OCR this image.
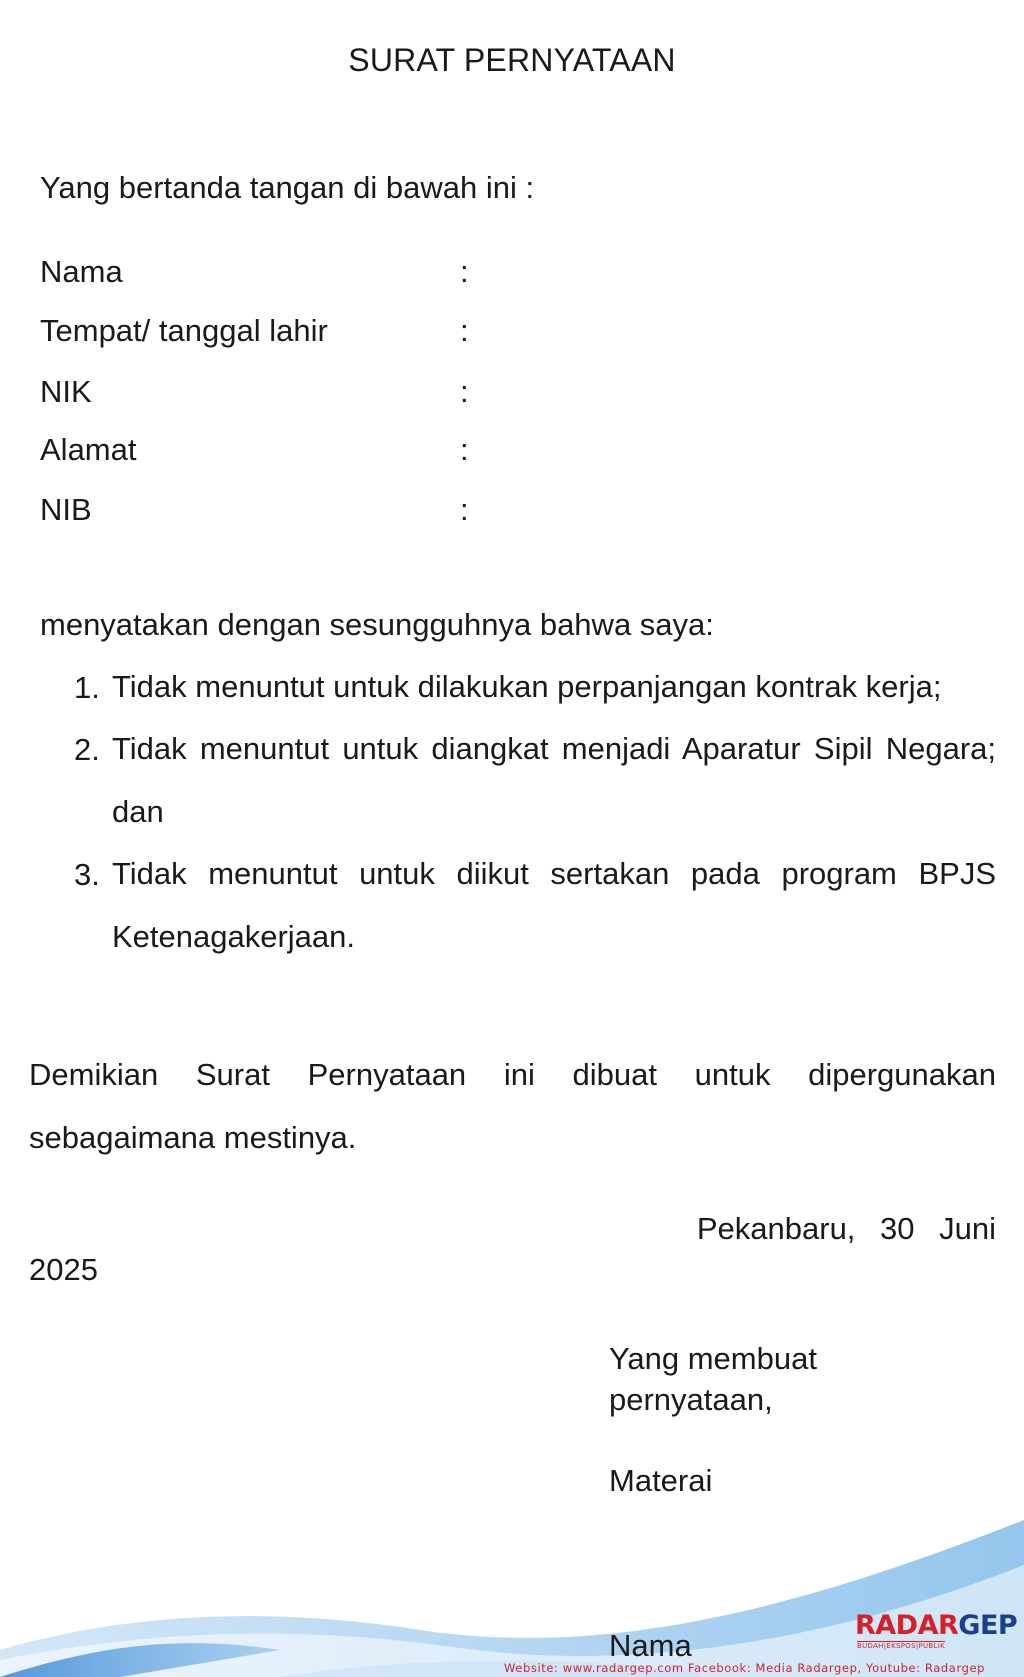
SURAT PERNYATAAN
Yang bertanda tangan di bawah ini :
Nama	:
Tempat/ tanggal lahir	:
NIK	:
Alamat	:
NIB	:
menyatakan dengan sesungguhnya bahwa saya:
1. Tidak menuntut untuk dilakukan perpanjangan kontrak kerja;
2. Tidak menuntut untuk diangkat menjadi Aparatur Sipil Negara; dan
3. Tidak menuntut untuk diikut sertakan pada program BPJS Ketenagakerjaan.
Demikian Surat Pernyataan ini dibuat untuk dipergunakan sebagaimana mestinya.
Pekanbaru, 30 Juni
2025
Yang membuat
pernyataan,
Materai
Nama
RADARGEP
BUDAH|EKSPOS|PUBLIK
Website: www.radargep.com Facebook: Media Radargep, Youtube: Radargep
